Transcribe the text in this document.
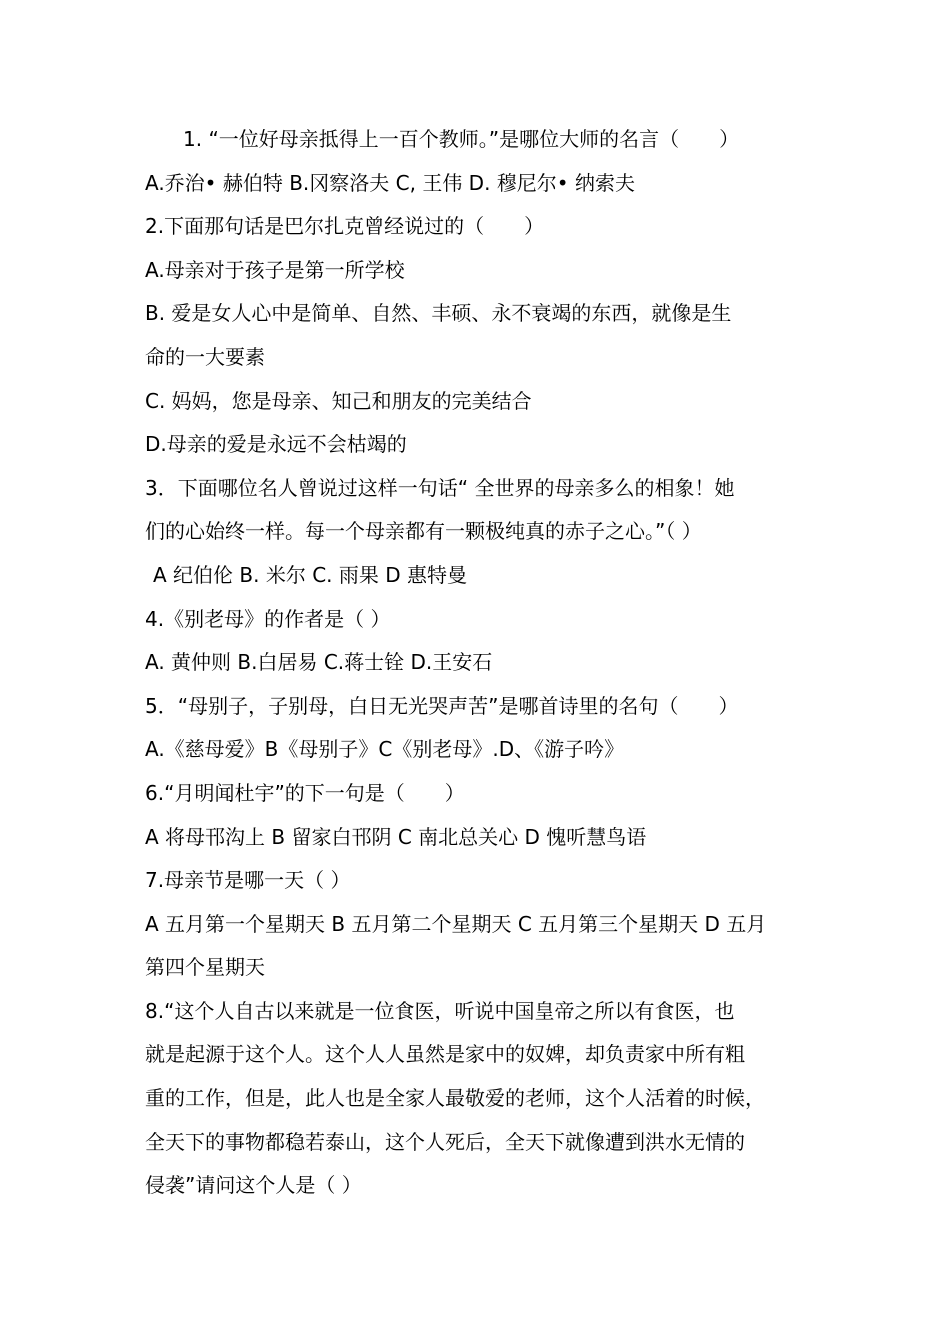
1. “一位好母亲抵得上一百个教师。”是哪位大师的名言（　　）
A.乔治• 赫伯特 B.冈察洛夫 C, 王伟 D. 穆尼尔• 纳索夫
2.下面那句话是巴尔扎克曾经说过的（　　）
A.母亲对于孩子是第一所学校
B. 爱是女人心中是简单、自然、丰硕、永不衰竭的东西，就像是生
命的一大要素
C. 妈妈，您是母亲、知己和朋友的完美结合
D.母亲的爱是永远不会枯竭的
3．下面哪位名人曾说过这样一句话“ 全世界的母亲多么的相象！她
们的心始终一样。每一个母亲都有一颗极纯真的赤子之心。”（ ）
A 纪伯伦 B. 米尔 C. 雨果 D 惠特曼
4.《别老母》的作者是（ ）
A. 黄仲则 B.白居易 C.蒋士铨 D.王安石
5．“母别子，子别母，白日无光哭声苦”是哪首诗里的名句（　　）
A.《慈母爱》B《母别子》C《别老母》.D、《游子吟》
6.“月明闻杜宇”的下一句是（　　）
A 将母邗沟上 B 留家白邗阴 C 南北总关心 D 愧听慧鸟语
7.母亲节是哪一天（ ）
A 五月第一个星期天 B 五月第二个星期天 C 五月第三个星期天 D 五月
第四个星期天
8.“这个人自古以来就是一位食医，听说中国皇帝之所以有食医，也
就是起源于这个人。这个人人虽然是家中的奴婢，却负责家中所有粗
重的工作，但是，此人也是全家人最敬爱的老师，这个人活着的时候，
全天下的事物都稳若泰山，这个人死后，全天下就像遭到洪水无情的
侵袭”请问这个人是（ ）
